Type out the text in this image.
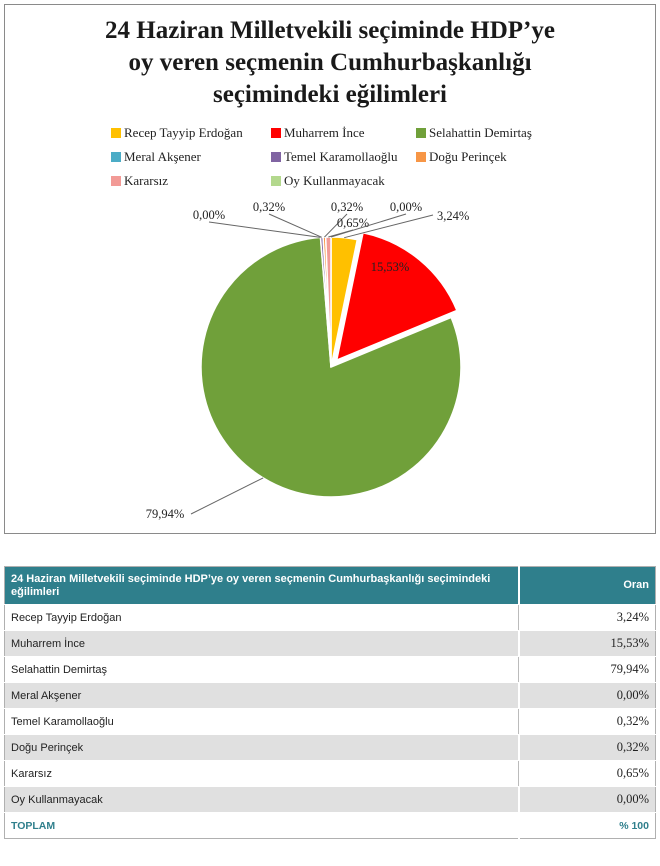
24 Haziran Milletvekili seçiminde HDP’ye
oy veren seçmenin Cumhurbaşkanlığı
seçimindeki eğilimleri
Recep Tayyip Erdoğan	Muharrem İnce	Selahattin Demirtaş
Meral Akşener	Temel Karamollaoğlu Doğu Perinçek
Kararsız	Oy Kullanmayacak
3,24%
15,53%
79,94%
0,00%
0,32%	0,32%
0,65%
0,00%
24 Haziran Milletvekili seçiminde HDP’ye oy veren seçmenin Cumhurbaşkanlığı seçimindeki eğilimleri	Oran
Recep Tayyip Erdoğan	3,24%
Muharrem İnce	15,53%
Selahattin Demirtaş	79,94%
Meral Akşener	0,00%
Temel Karamollaoğlu	0,32%
Doğu Perinçek	0,32%
Kararsız	0,65%
Oy Kullanmayacak	0,00%
TOPLAM	% 100
